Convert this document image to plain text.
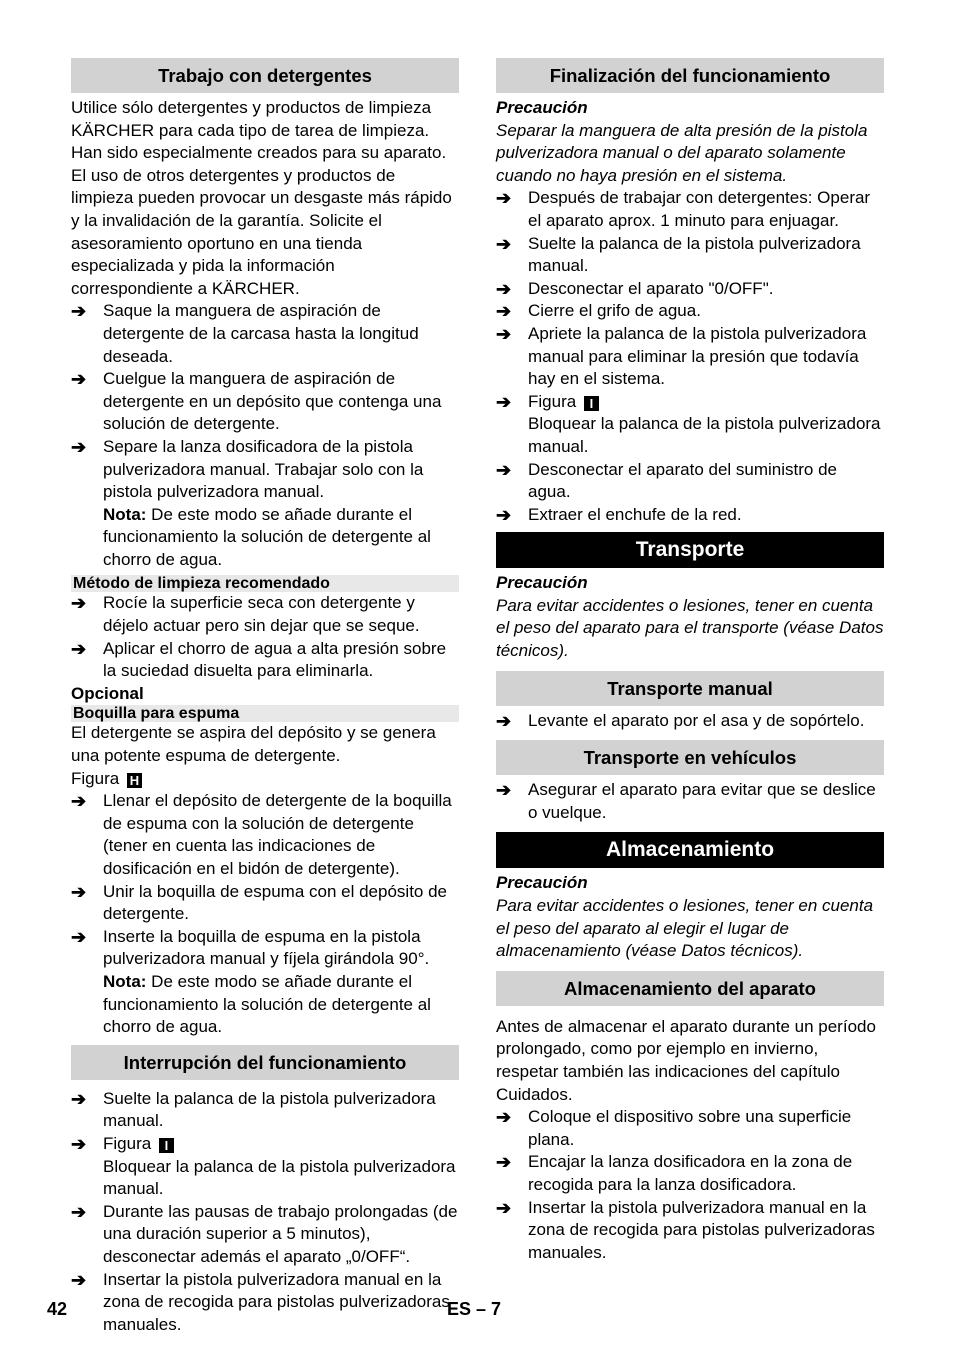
Trabajo con detergentes

Utilice sólo detergentes y productos de limpieza KÄRCHER para cada tipo de tarea de limpieza. Han sido especialmente creados para su aparato. El uso de otros detergentes y productos de limpieza pueden provocar un desgaste más rápido y la invalidación de la garantía. Solicite el asesoramiento oportuno en una tienda especializada y pida la información correspondiente a KÄRCHER.

➔ Saque la manguera de aspiración de detergente de la carcasa hasta la longitud deseada.
➔ Cuelgue la manguera de aspiración de detergente en un depósito que contenga una solución de detergente.
➔ Separe la lanza dosificadora de la pistola pulverizadora manual. Trabajar solo con la pistola pulverizadora manual.
Nota: De este modo se añade durante el funcionamiento la solución de detergente al chorro de agua.
Método de limpieza recomendado
➔ Rocíe la superficie seca con detergente y déjelo actuar pero sin dejar que se seque.
➔ Aplicar el chorro de agua a alta presión sobre la suciedad disuelta para eliminarla.

Opcional

Boquilla para espuma

El detergente se aspira del depósito y se genera una potente espuma de detergente.

Figura H

➔ Llenar el depósito de detergente de la boquilla de espuma con la solución de detergente (tener en cuenta las indicaciones de dosificación en el bidón de detergente).
➔ Unir la boquilla de espuma con el depósito de detergente.
➔ Inserte la boquilla de espuma en la pistola pulverizadora manual y fíjela girándola 90°.
Nota: De este modo se añade durante el funcionamiento la solución de detergente al chorro de agua.
Interrupción del funcionamiento
➔ Suelte la palanca de la pistola pulverizadora manual.
➔ Figura I
Bloquear la palanca de la pistola pulverizadora manual.
➔ Durante las pausas de trabajo prolongadas (de una duración superior a 5 minutos), desconectar además el aparato „0/OFF“.
➔ Insertar la pistola pulverizadora manual en la zona de recogida para pistolas pulverizadoras manuales.
Finalización del funcionamiento

Precaución

Separar la manguera de alta presión de la pistola pulverizadora manual o del aparato solamente cuando no haya presión en el sistema.

➔ Después de trabajar con detergentes: Operar el aparato aprox. 1 minuto para enjuagar.
➔ Suelte la palanca de la pistola pulverizadora manual.
➔ Desconectar el aparato "0/OFF".
➔ Cierre el grifo de agua.
➔ Apriete la palanca de la pistola pulverizadora manual para eliminar la presión que todavía hay en el sistema.
➔ Figura I
Bloquear la palanca de la pistola pulverizadora manual.
➔ Desconectar el aparato del suministro de agua.
➔ Extraer el enchufe de la red.
Transporte

Precaución

Para evitar accidentes o lesiones, tener en cuenta el peso del aparato para el transporte (véase Datos técnicos).

Transporte manual
➔ Levante el aparato por el asa y de sopórtelo.
Transporte en vehículos
➔ Asegurar el aparato para evitar que se deslice o vuelque.
Almacenamiento

Precaución

Para evitar accidentes o lesiones, tener en cuenta el peso del aparato al elegir el lugar de almacenamiento (véase Datos técnicos).

Almacenamiento del aparato

Antes de almacenar el aparato durante un período prolongado, como por ejemplo en invierno, respetar también las indicaciones del capítulo Cuidados.

➔ Coloque el dispositivo sobre una superficie plana.
➔ Encajar la lanza dosificadora en la zona de recogida para la lanza dosificadora.
➔ Insertar la pistola pulverizadora manual en la zona de recogida para pistolas pulverizadoras manuales.
42	ES – 7
